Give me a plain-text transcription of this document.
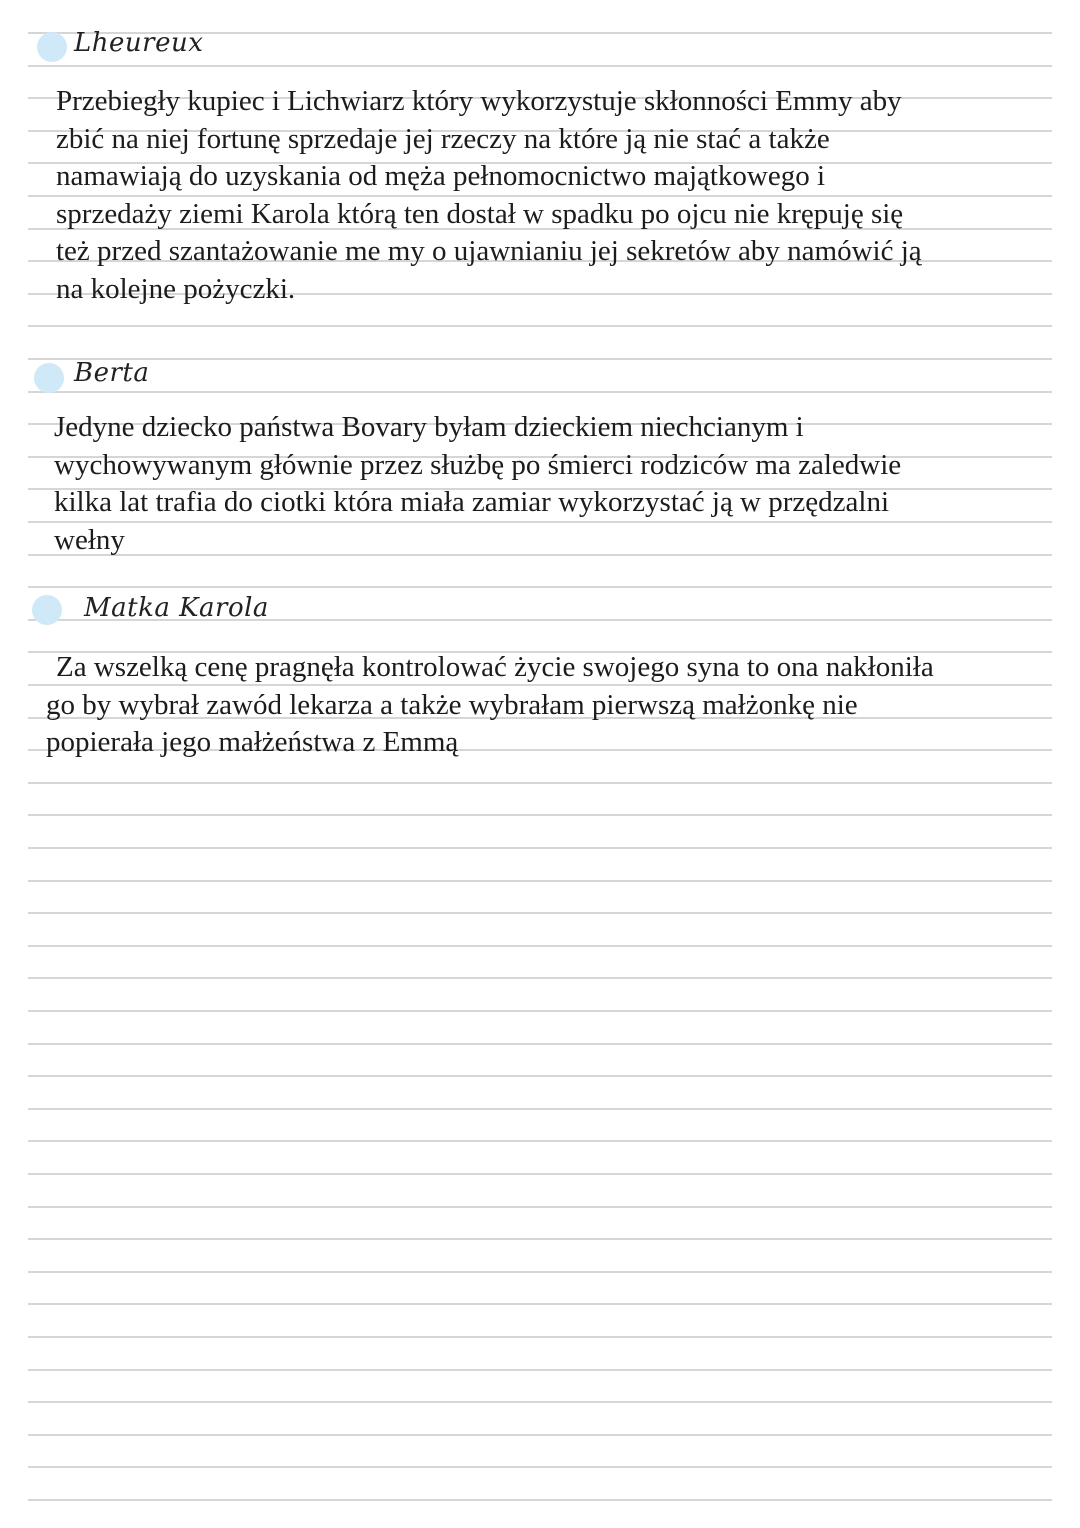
Lheureux
Przebiegły kupiec i Lichwiarz który wykorzystuje skłonności Emmy aby
zbić na niej fortunę sprzedaje jej rzeczy na które ją nie stać a także
namawiają do uzyskania od męża pełnomocnictwo majątkowego i
sprzedaży ziemi Karola którą ten dostał w spadku po ojcu nie krępuję się
też przed szantażowanie me my o ujawnianiu jej sekretów aby namówić ją
na kolejne pożyczki.
Berta
Jedyne dziecko państwa Bovary byłam dzieckiem niechcianym i
wychowywanym głównie przez służbę po śmierci rodziców ma zaledwie
kilka lat trafia do ciotki która miała zamiar wykorzystać ją w przędzalni
wełny
Matka Karola
Za wszelką cenę pragnęła kontrolować życie swojego syna to ona nakłoniła
go by wybrał zawód lekarza a także wybrałam pierwszą małżonkę nie
popierała jego małżeństwa z Emmą
